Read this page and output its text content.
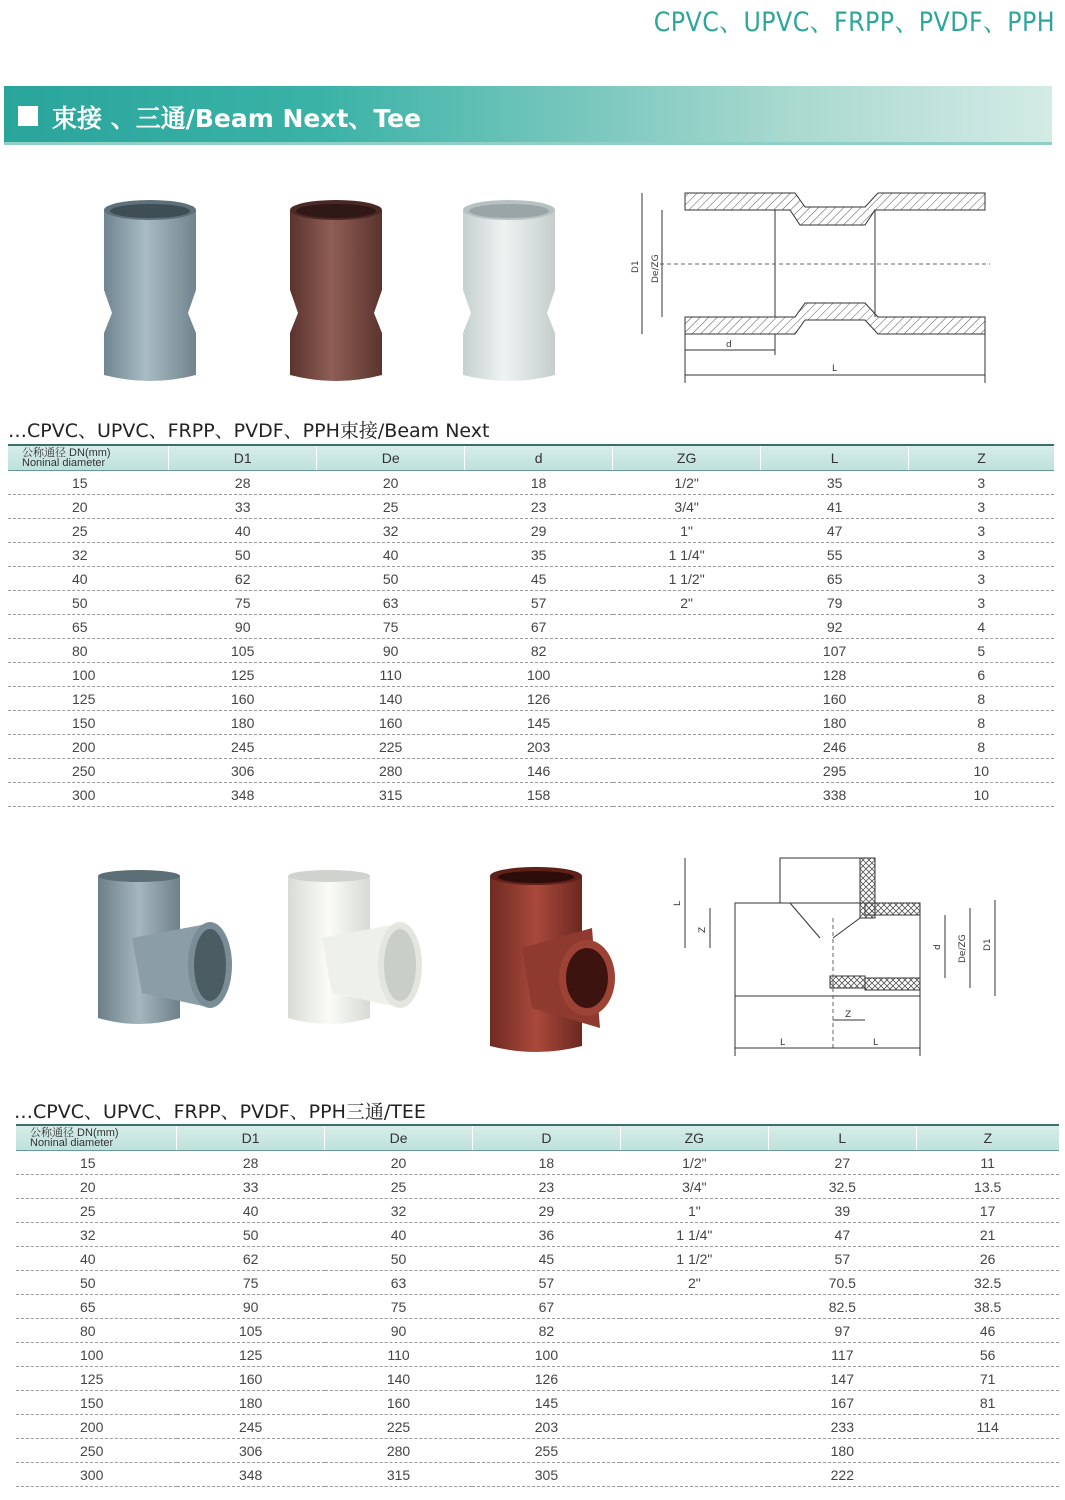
CPVC、UPVC、FRPP、PVDF、PPH
束接 、三通/Beam Next、Tee
D1 De/ZG
d
L
…CPVC、UPVC、FRPP、PVDF、PPH束接/Beam Next
公称通径 DN(mm)
Noninal diameter	D1	De	d	ZG	L	Z
15	28	20	18	1/2"	35	3
20	33	25	23	3/4"	41	3
25	40	32	29	1"	47	3
32	50	40	35	1 1/4"	55	3
40	62	50	45	1 1/2"	65	3
50	75	63	57	2"	79	3
65	90	75	67		92	4
80	105	90	82		107	5
100	125	110	100		128	6
125	160	140	126		160	8
150	180	160	145		180	8
200	245	225	203		246	8
250	306	280	146		295	10
300	348	315	158		338	10
L
Z
d De/ZG D1
Z
L	L
…CPVC、UPVC、FRPP、PVDF、PPH三通/TEE
公称通径 DN(mm)
Noninal diameter	D1	De	D	ZG	L	Z
15	28	20	18	1/2"	27	11
20	33	25	23	3/4"	32.5	13.5
25	40	32	29	1"	39	17
32	50	40	36	1 1/4"	47	21
40	62	50	45	1 1/2"	57	26
50	75	63	57	2"	70.5	32.5
65	90	75	67		82.5	38.5
80	105	90	82		97	46
100	125	110	100		117	56
125	160	140	126		147	71
150	180	160	145		167	81
200	245	225	203		233	114
250	306	280	255		180	
300	348	315	305		222	
